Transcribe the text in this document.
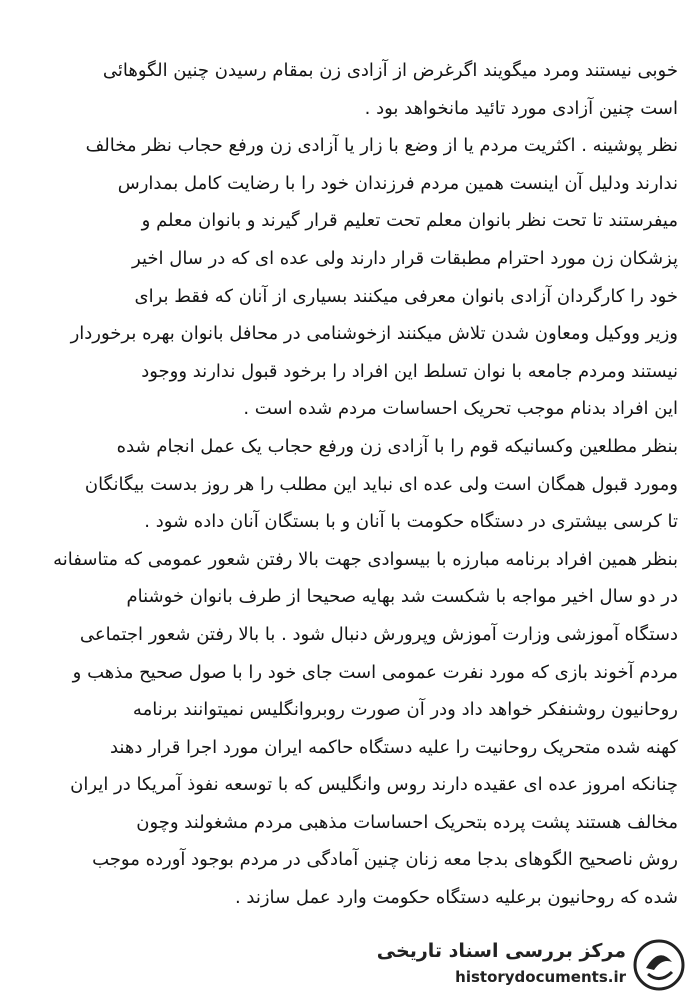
خوبی نیستند ومرد میگویند اگرغرض از آزادی زن بمقام رسیدن چنین الگوهائی
است چنین آزادی مورد تائید مانخواهد بود .
نظر پوشینه . اکثریت مردم یا از وضع با زار یا آزادی زن ورفع حجاب نظر مخالف
ندارند ودلیل آن اینست همین مردم فرزندان خود را با رضایت کامل بمدارس
میفرستند تا تحت نظر بانوان معلم تحت تعلیم قرار گیرند و بانوان معلم و
پزشکان زن مورد احترام مطبقات قرار دارند ولی عده ای که در سال اخیر
خود را کارگردان آزادی بانوان معرفی میکنند بسیاری از آنان که فقط برای
وزیر ووکیل ومعاون شدن تلاش میکنند ازخوشنامی در محافل بانوان بهره برخوردار
نیستند ومردم جامعه با نوان تسلط این افراد را برخود قبول ندارند ووجود
این افراد بدنام موجب تحریک احساسات مردم شده است .
بنظر مطلعین وکسانیکه قوم را با آزادی زن ورفع حجاب یک عمل انجام شده
ومورد قبول همگان است ولی عده ای نباید این مطلب را هر روز بدست بیگانگان
تا کرسی بیشتری در دستگاه حکومت با آنان و با بستگان آنان داده شود .
بنظر همین افراد برنامه مبارزه با بیسوادی جهت بالا رفتن شعور عمومی که متاسفانه
در دو سال اخیر مواجه با شکست شد بهایه صحیحا از طرف بانوان خوشنام
دستگاه آموزشی وزارت آموزش وپرورش دنبال شود . با بالا رفتن شعور اجتماعی
مردم آخوند بازی که مورد نفرت عمومی است جای خود را با صول صحیح مذهب و
روحانیون روشنفکر خواهد داد ودر آن صورت روبروانگلیس نمیتوانند برنامه
کهنه شده متحریک روحانیت را علیه دستگاه حاکمه ایران مورد اجرا قرار دهند
چنانکه امروز عده ای عقیده دارند روس وانگلیس که با توسعه نفوذ آمریکا در ایران
مخالف هستند پشت پرده بتحریک احساسات مذهبی مردم مشغولند وچون
روش ناصحیح الگوهای بدجا معه زنان چنین آمادگی در مردم بوجود آورده موجب
شده که روحانیون برعلیه دستگاه حکومت وارد عمل سازند .
مرکز بررسی اسناد تاریخی
historydocuments.ir
